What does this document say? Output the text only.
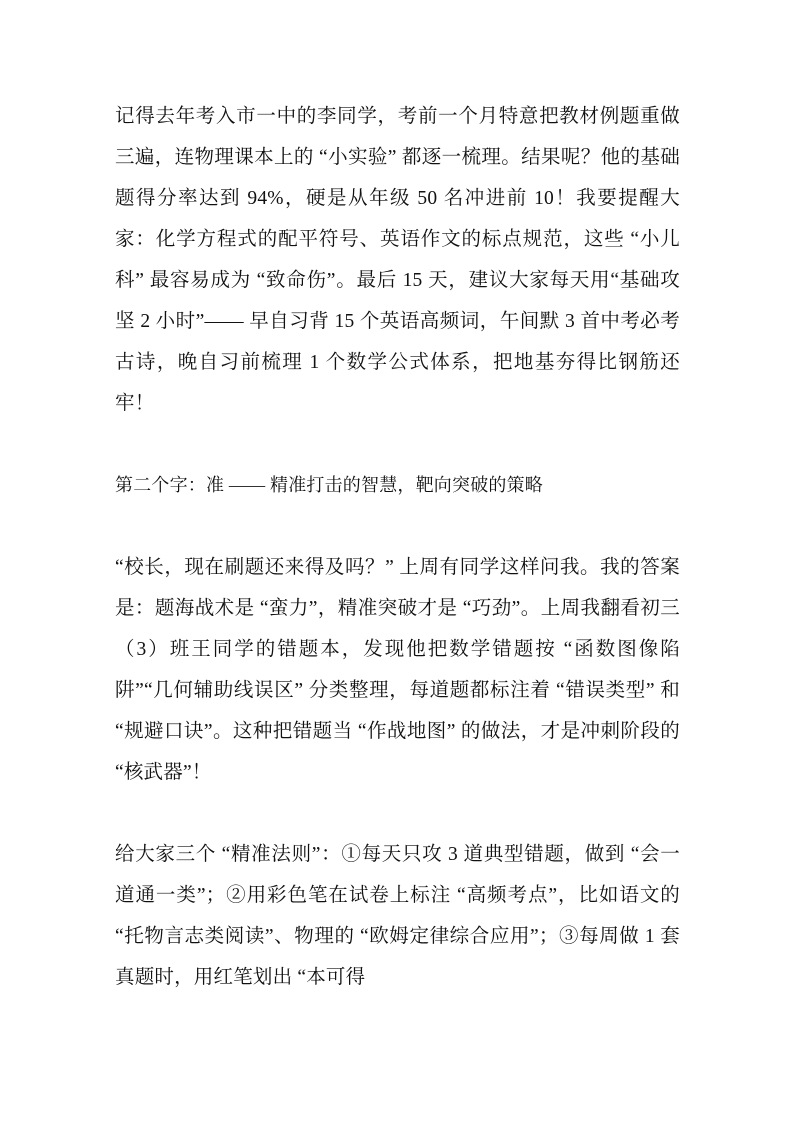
记得去年考入市一中的李同学，考前一个月特意把教材例题重做三遍，连物理课本上的 “小实验” 都逐一梳理。结果呢？他的基础题得分率达到 94%，硬是从年级 50 名冲进前 10！我要提醒大家：化学方程式的配平符号、英语作文的标点规范，这些 “小儿科” 最容易成为 “致命伤”。最后 15 天，建议大家每天用“基础攻坚 2 小时”—— 早自习背 15 个英语高频词，午间默 3 首中考必考古诗，晚自习前梳理 1 个数学公式体系，把地基夯得比钢筋还牢！

第二个字：准 —— 精准打击的智慧，靶向突破的策略

“校长，现在刷题还来得及吗？” 上周有同学这样问我。我的答案是：题海战术是 “蛮力”，精准突破才是 “巧劲”。上周我翻看初三（3）班王同学的错题本，发现他把数学错题按 “函数图像陷阱”“几何辅助线误区” 分类整理，每道题都标注着 “错误类型” 和 “规避口诀”。这种把错题当 “作战地图” 的做法，才是冲刺阶段的 “核武器”！

给大家三个 “精准法则”：①每天只攻 3 道典型错题，做到 “会一道通一类”；②用彩色笔在试卷上标注 “高频考点”，比如语文的 “托物言志类阅读”、物理的 “欧姆定律综合应用”；③每周做 1 套真题时，用红笔划出 “本可得
